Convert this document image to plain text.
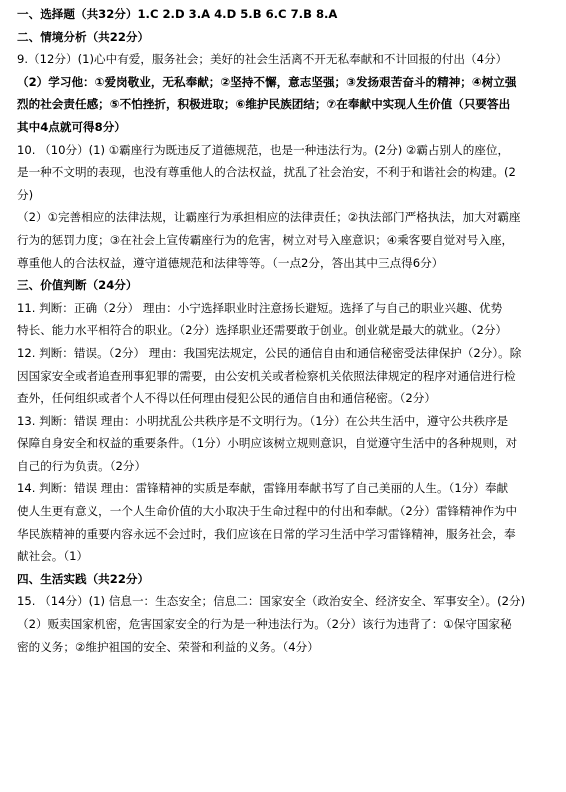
一、选择题（共32分）1.C 2.D 3.A 4.D 5.B 6.C 7.B 8.A
二、情境分析（共22分）
9.（12分）(1)心中有爱，服务社会；美好的社会生活离不开无私奉献和不计回报的付出（4分）
（2）学习他：①爱岗敬业，无私奉献；②坚持不懈，意志坚强；③发扬艰苦奋斗的精神；④树立强
烈的社会责任感；⑤不怕挫折，积极进取；⑥维护民族团结；⑦在奉献中实现人生价值（只要答出
其中4点就可得8分）
10. （10分）(1) ①霸座行为既违反了道德规范，也是一种违法行为。(2分) ②霸占别人的座位，
是一种不文明的表现，也没有尊重他人的合法权益，扰乱了社会治安，不利于和谐社会的构建。(2
分)
（2）①完善相应的法律法规，让霸座行为承担相应的法律责任；②执法部门严格执法，加大对霸座
行为的惩罚力度；③在社会上宣传霸座行为的危害，树立对号入座意识；④乘客要自觉对号入座，
尊重他人的合法权益，遵守道德规范和法律等等。（一点2分，答出其中三点得6分）
三、价值判断（24分）
11. 判断：正确（2分） 理由：小宁选择职业时注意扬长避短。选择了与自己的职业兴趣、优势
特长、能力水平相符合的职业。（2分）选择职业还需要敢于创业。创业就是最大的就业。（2分）
12. 判断：错误。（2分） 理由：我国宪法规定，公民的通信自由和通信秘密受法律保护（2分）。除
因国家安全或者追查刑事犯罪的需要，由公安机关或者检察机关依照法律规定的程序对通信进行检
查外，任何组织或者个人不得以任何理由侵犯公民的通信自由和通信秘密。（2分）
13. 判断：错误 理由：小明扰乱公共秩序是不文明行为。（1分）在公共生活中，遵守公共秩序是
保障自身安全和权益的重要条件。（1分）小明应该树立规则意识，自觉遵守生活中的各种规则，对
自己的行为负责。（2分）
14. 判断：错误 理由：雷锋精神的实质是奉献，雷锋用奉献书写了自己美丽的人生。（1分）奉献
使人生更有意义，一个人生命价值的大小取决于生命过程中的付出和奉献。（2分）雷锋精神作为中
华民族精神的重要内容永远不会过时，我们应该在日常的学习生活中学习雷锋精神，服务社会，奉
献社会。（1）
四、生活实践（共22分）
15. （14分）(1) 信息一：生态安全；信息二：国家安全（政治安全、经济安全、军事安全）。(2分)
（2）贩卖国家机密，危害国家安全的行为是一种违法行为。（2分）该行为违背了：①保守国家秘
密的义务；②维护祖国的安全、荣誉和利益的义务。（4分）
